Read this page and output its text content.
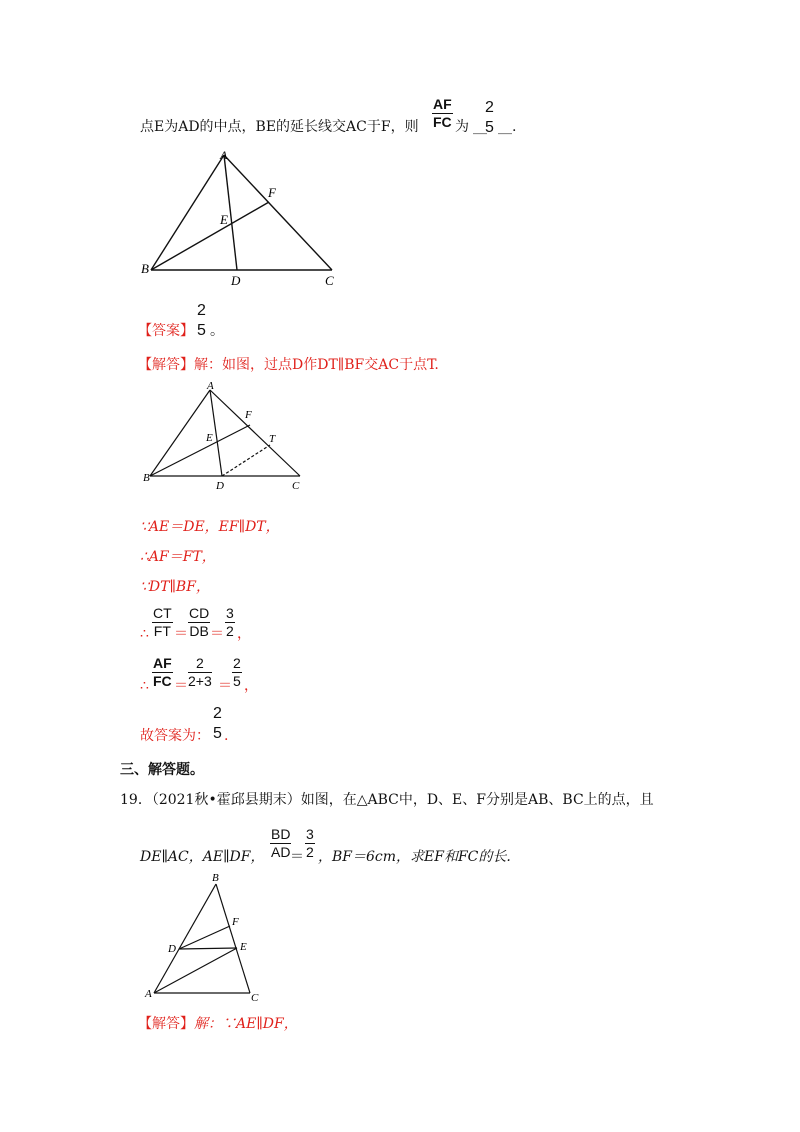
AF
FC
2
5
点E为AD的中点，BE的延长线交AC于F，则	为 __ __.
A
F
E
B
D	C
2
5
【答案】 。
【解答】解：如图，过点D作DT∥BF交AC于点T.
A
F
E	T
B
D	C
∵AE＝DE，EF∥DT，
∴AF＝FT，
∵DT∥BF，
∴
CT
FT ＝
CD
DB ＝
3
2 ，
∴
AF
FC ＝
2
2+3 ＝
2
5 ，
2
5
故答案为： .
三、解答题。
19．（2021秋•霍邱县期末）如图，在△ABC中，D、E、F分别是AB、BC上的点，且
DE∥AC，AE∥DF，
BD
AD ＝
3
2 ，BF＝6cm，求EF和FC的长.
B
F
D	E
A	C
【解答】解：∵AE∥DF，
